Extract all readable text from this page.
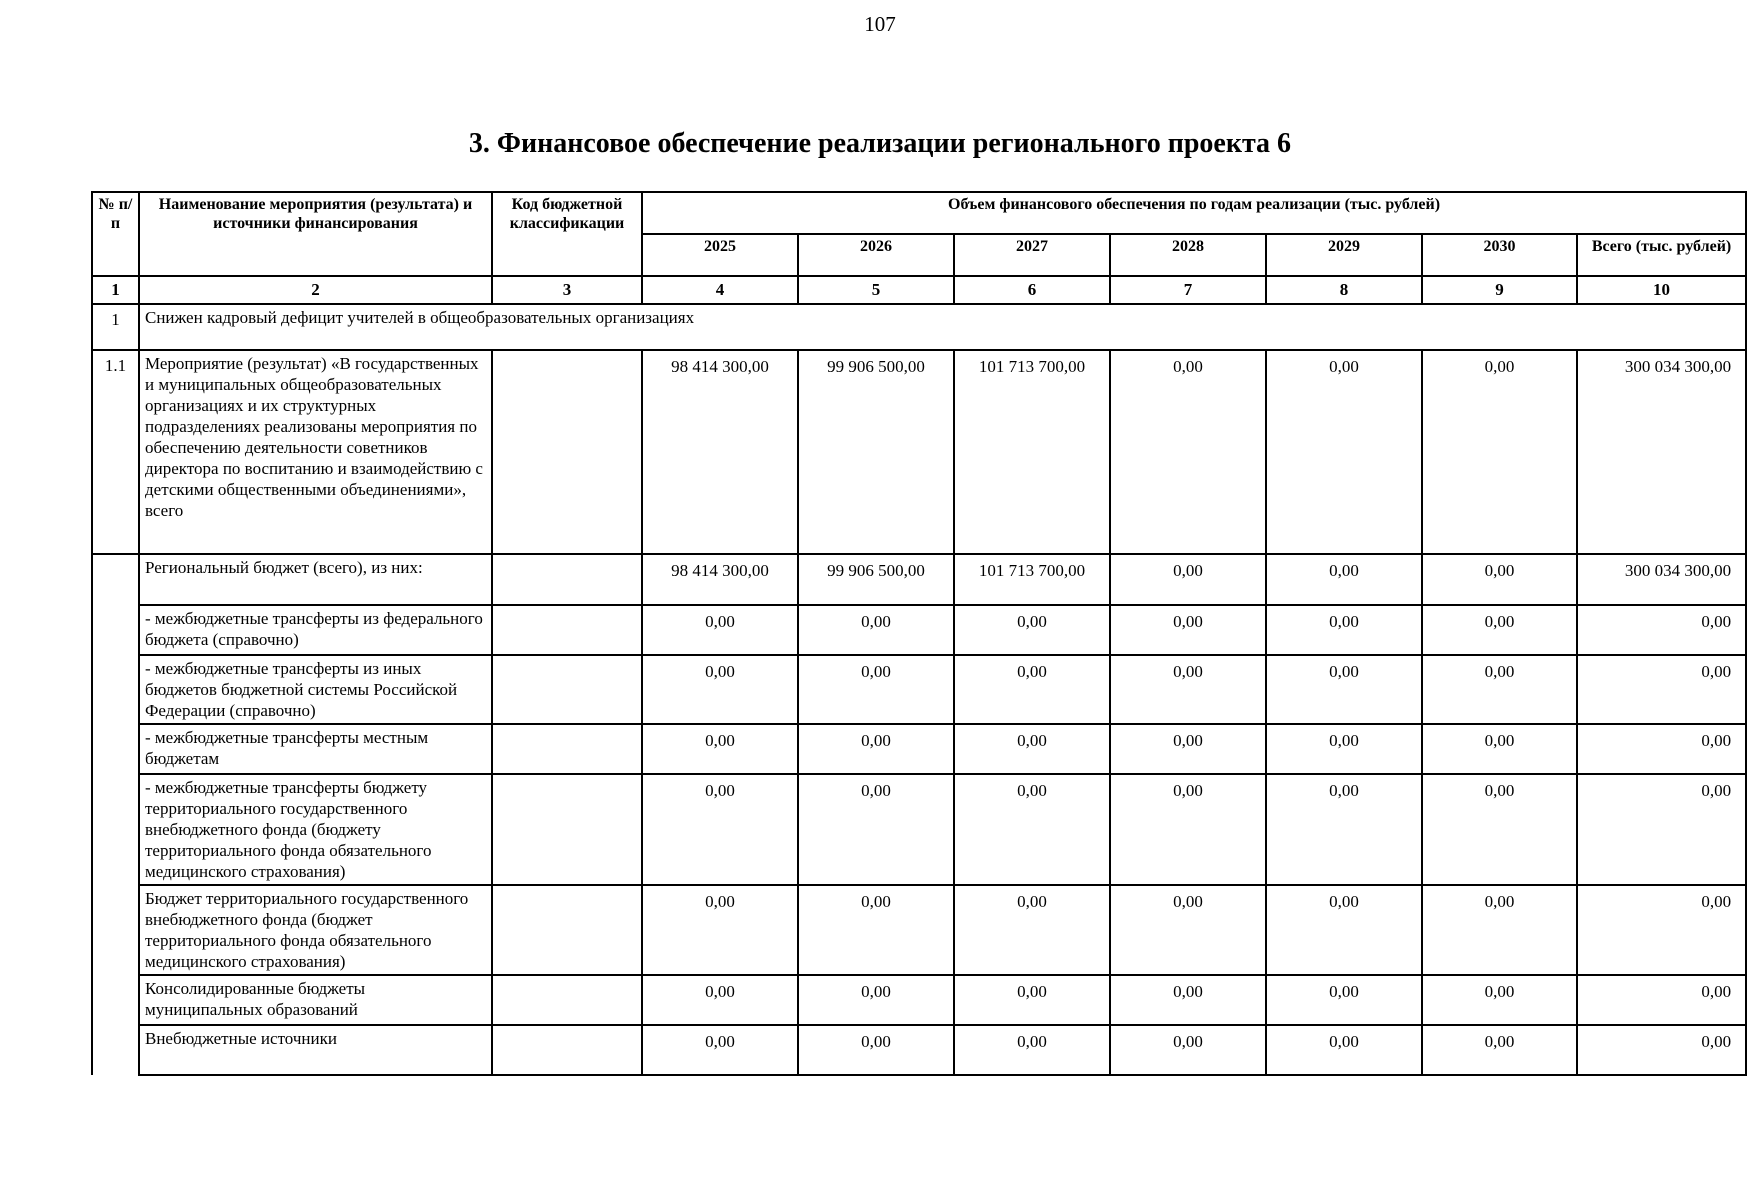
107
3. Финансовое обеспечение реализации регионального проекта 6
№ п/п	Наименование мероприятия (результата) и источники финансирования	Код бюджетной классификации	Объем финансового обеспечения по годам реализации (тыс. рублей)						
			2025	2026	2027	2028	2029	2030	Всего (тыс. рублей)
1	2	3	4	5	6	7	8	9	10
1	Снижен кадровый дефицит учителей в общеобразовательных организациях								
1.1	Мероприятие (результат) «В государственных и муниципальных общеобразовательных организациях и их структурных подразделениях реализованы мероприятия по обеспечению деятельности советников директора по воспитанию и взаимодействию с детскими общественными объединениями», всего		98 414 300,00	99 906 500,00	101 713 700,00	0,00	0,00	0,00	300 034 300,00
	Региональный бюджет (всего), из них:		98 414 300,00	99 906 500,00	101 713 700,00	0,00	0,00	0,00	300 034 300,00
	- межбюджетные трансферты из федерального бюджета (справочно)		0,00	0,00	0,00	0,00	0,00	0,00	0,00
	- межбюджетные трансферты из иных бюджетов бюджетной системы Российской Федерации (справочно)		0,00	0,00	0,00	0,00	0,00	0,00	0,00
	- межбюджетные трансферты местным бюджетам		0,00	0,00	0,00	0,00	0,00	0,00	0,00
	- межбюджетные трансферты бюджету территориального государственного внебюджетного фонда (бюджету территориального фонда обязательного медицинского страхования)		0,00	0,00	0,00	0,00	0,00	0,00	0,00
	Бюджет территориального государственного внебюджетного фонда (бюджет территориального фонда обязательного медицинского страхования)		0,00	0,00	0,00	0,00	0,00	0,00	0,00
	Консолидированные бюджеты муниципальных образований		0,00	0,00	0,00	0,00	0,00	0,00	0,00
	Внебюджетные источники		0,00	0,00	0,00	0,00	0,00	0,00	0,00
